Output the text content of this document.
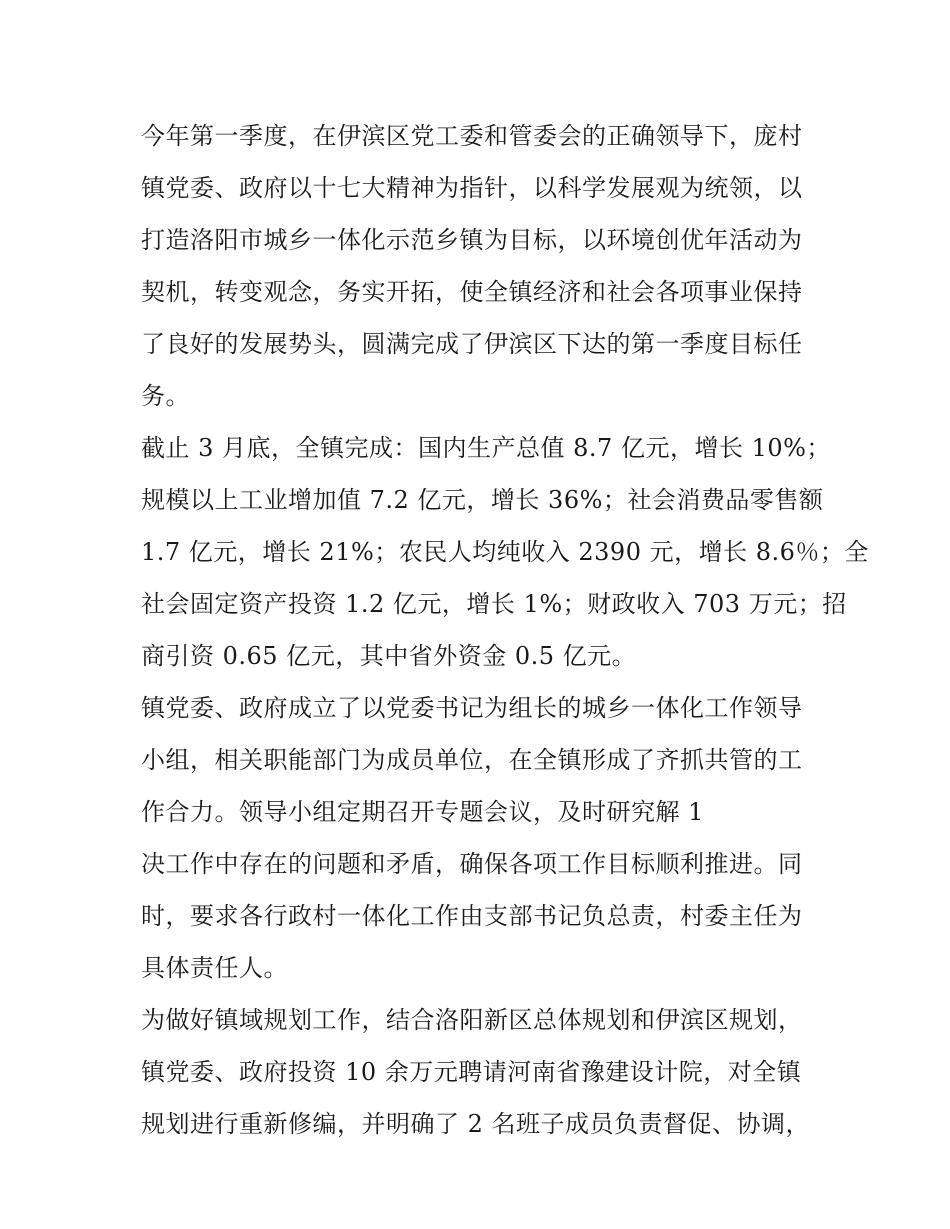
今年第一季度，在伊滨区党工委和管委会的正确领导下，庞村
镇党委、政府以十七大精神为指针，以科学发展观为统领，以
打造洛阳市城乡一体化示范乡镇为目标，以环境创优年活动为
契机，转变观念，务实开拓，使全镇经济和社会各项事业保持
了良好的发展势头，圆满完成了伊滨区下达的第一季度目标任
务。
截止 3 月底，全镇完成：国内生产总值 8.7 亿元，增长 10%；
规模以上工业增加值 7.2 亿元，增长 36%；社会消费品零售额
1.7 亿元，增长 21%；农民人均纯收入 2390 元，增长 8.6％；全
社会固定资产投资 1.2 亿元，增长 1%；财政收入 703 万元；招
商引资 0.65 亿元，其中省外资金 0.5 亿元。
镇党委、政府成立了以党委书记为组长的城乡一体化工作领导
小组，相关职能部门为成员单位，在全镇形成了齐抓共管的工
作合力。领导小组定期召开专题会议，及时研究解 1
决工作中存在的问题和矛盾，确保各项工作目标顺利推进。同
时，要求各行政村一体化工作由支部书记负总责，村委主任为
具体责任人。
为做好镇域规划工作，结合洛阳新区总体规划和伊滨区规划，
镇党委、政府投资 10 余万元聘请河南省豫建设计院，对全镇
规划进行重新修编，并明确了 2 名班子成员负责督促、协调，
